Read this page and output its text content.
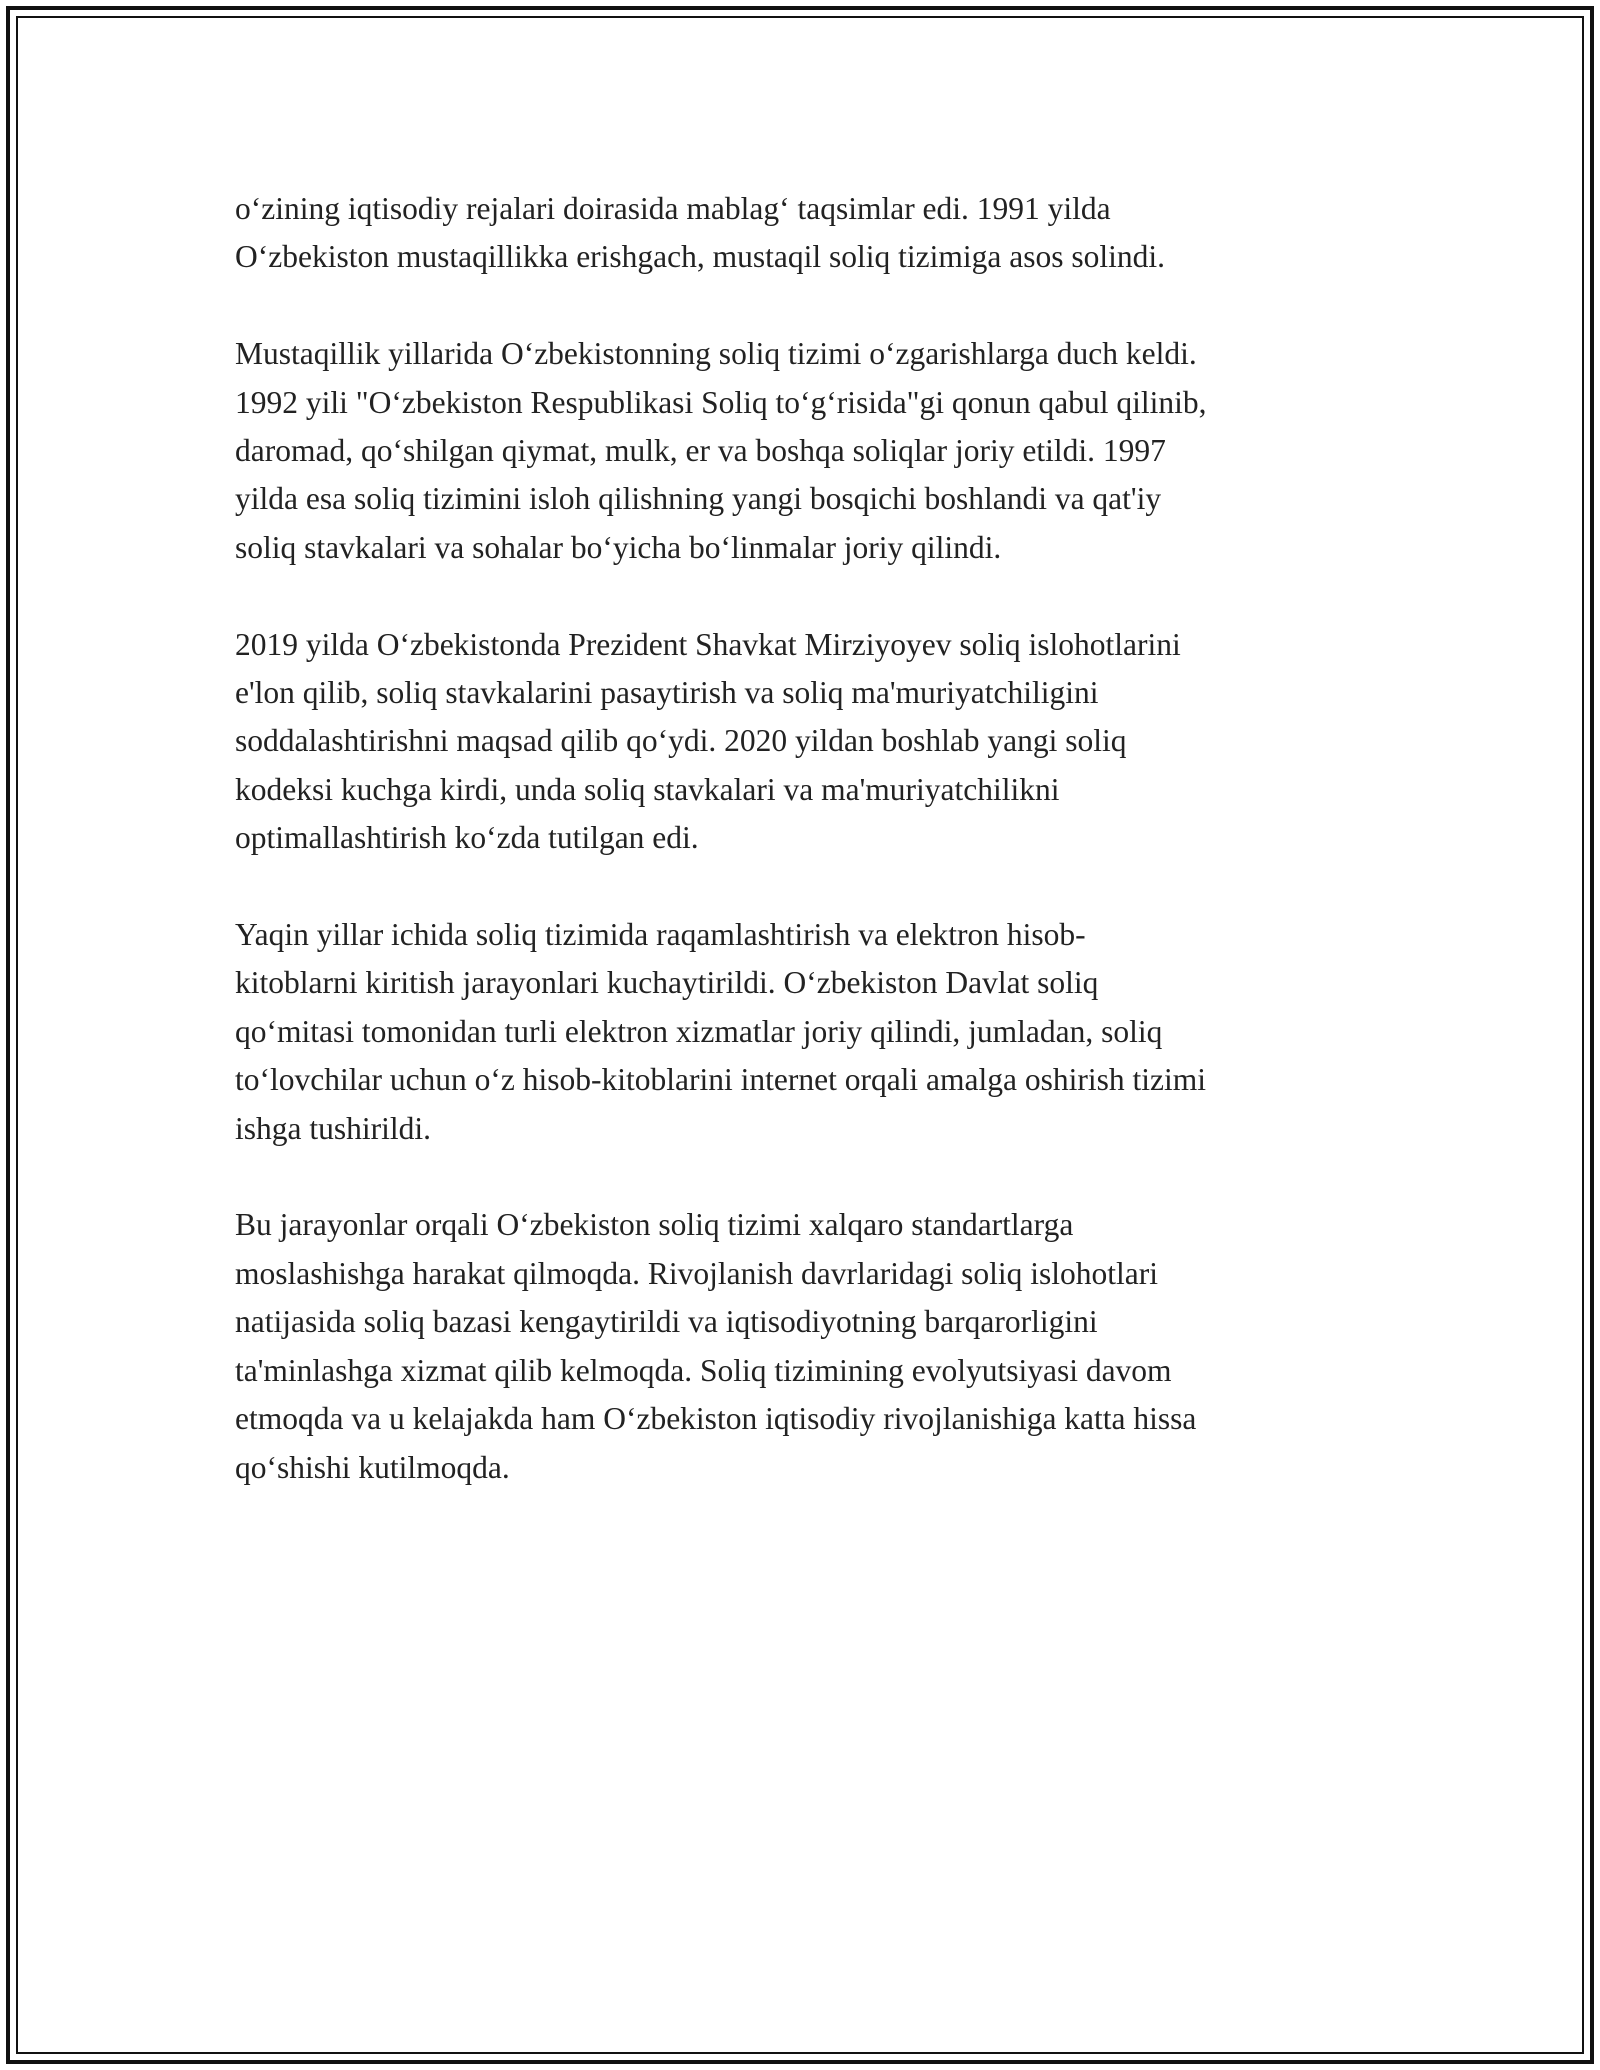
o‘zining iqtisodiy rejalari doirasida mablag‘ taqsimlar edi. 1991 yilda
O‘zbekiston mustaqillikka erishgach, mustaqil soliq tizimiga asos solindi.

Mustaqillik yillarida O‘zbekistonning soliq tizimi o‘zgarishlarga duch keldi.
1992 yili "O‘zbekiston Respublikasi Soliq to‘g‘risida"gi qonun qabul qilinib,
daromad, qo‘shilgan qiymat, mulk, er va boshqa soliqlar joriy etildi. 1997
yilda esa soliq tizimini isloh qilishning yangi bosqichi boshlandi va qat'iy
soliq stavkalari va sohalar bo‘yicha bo‘linmalar joriy qilindi.

2019 yilda O‘zbekistonda Prezident Shavkat Mirziyoyev soliq islohotlarini
e'lon qilib, soliq stavkalarini pasaytirish va soliq ma'muriyatchiligini
soddalashtirishni maqsad qilib qo‘ydi. 2020 yildan boshlab yangi soliq
kodeksi kuchga kirdi, unda soliq stavkalari va ma'muriyatchilikni
optimallashtirish ko‘zda tutilgan edi.

Yaqin yillar ichida soliq tizimida raqamlashtirish va elektron hisob-
kitoblarni kiritish jarayonlari kuchaytirildi. O‘zbekiston Davlat soliq
qo‘mitasi tomonidan turli elektron xizmatlar joriy qilindi, jumladan, soliq
to‘lovchilar uchun o‘z hisob-kitoblarini internet orqali amalga oshirish tizimi
ishga tushirildi.

Bu jarayonlar orqali O‘zbekiston soliq tizimi xalqaro standartlarga
moslashishga harakat qilmoqda. Rivojlanish davrlaridagi soliq islohotlari
natijasida soliq bazasi kengaytirildi va iqtisodiyotning barqarorligini
ta'minlashga xizmat qilib kelmoqda. Soliq tizimining evolyutsiyasi davom
etmoqda va u kelajakda ham O‘zbekiston iqtisodiy rivojlanishiga katta hissa
qo‘shishi kutilmoqda.
